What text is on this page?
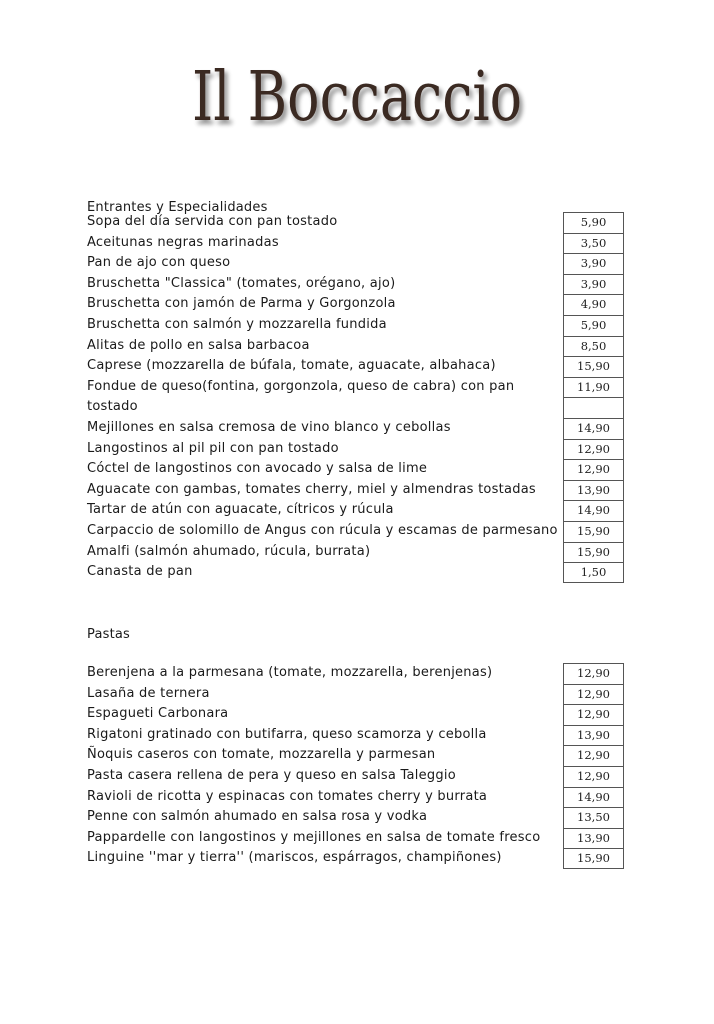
Il Boccaccio
Entrantes y Especialidades
Sopa del día servida con pan tostado	5,90
Aceitunas negras marinadas	3,50
Pan de ajo con queso	3,90
Bruschetta "Classica" (tomates, orégano, ajo)	3,90
Bruschetta con jamón de Parma y Gorgonzola	4,90
Bruschetta con salmón y mozzarella fundida	5,90
Alitas de pollo en salsa barbacoa	8,50
Caprese (mozzarella de búfala, tomate, aguacate, albahaca)	15,90
Fondue de queso(fontina, gorgonzola, queso de cabra) con pan	11,90
tostado
Mejillones en salsa cremosa de vino blanco y cebollas	14,90
Langostinos al pil pil con pan tostado	12,90
Cóctel de langostinos con avocado y salsa de lime	12,90
Aguacate con gambas, tomates cherry, miel y almendras tostadas	13,90
Tartar de atún con aguacate, cítricos y rúcula	14,90
Carpaccio de solomillo de Angus con rúcula y escamas de parmesano	15,90
Amalfi (salmón ahumado, rúcula, burrata)	15,90
Canasta de pan	1,50
Pastas
Berenjena a la parmesana (tomate, mozzarella, berenjenas)	12,90
Lasaña de ternera	12,90
Espagueti Carbonara	12,90
Rigatoni gratinado con butifarra, queso scamorza y cebolla	13,90
Ñoquis caseros con tomate, mozzarella y parmesan	12,90
Pasta casera rellena de pera y queso en salsa Taleggio	12,90
Ravioli de ricotta y espinacas con tomates cherry y burrata	14,90
Penne con salmón ahumado en salsa rosa y vodka	13,50
Pappardelle con langostinos y mejillones en salsa de tomate fresco	13,90
Linguine ''mar y tierra'' (mariscos, espárragos, champiñones)	15,90
